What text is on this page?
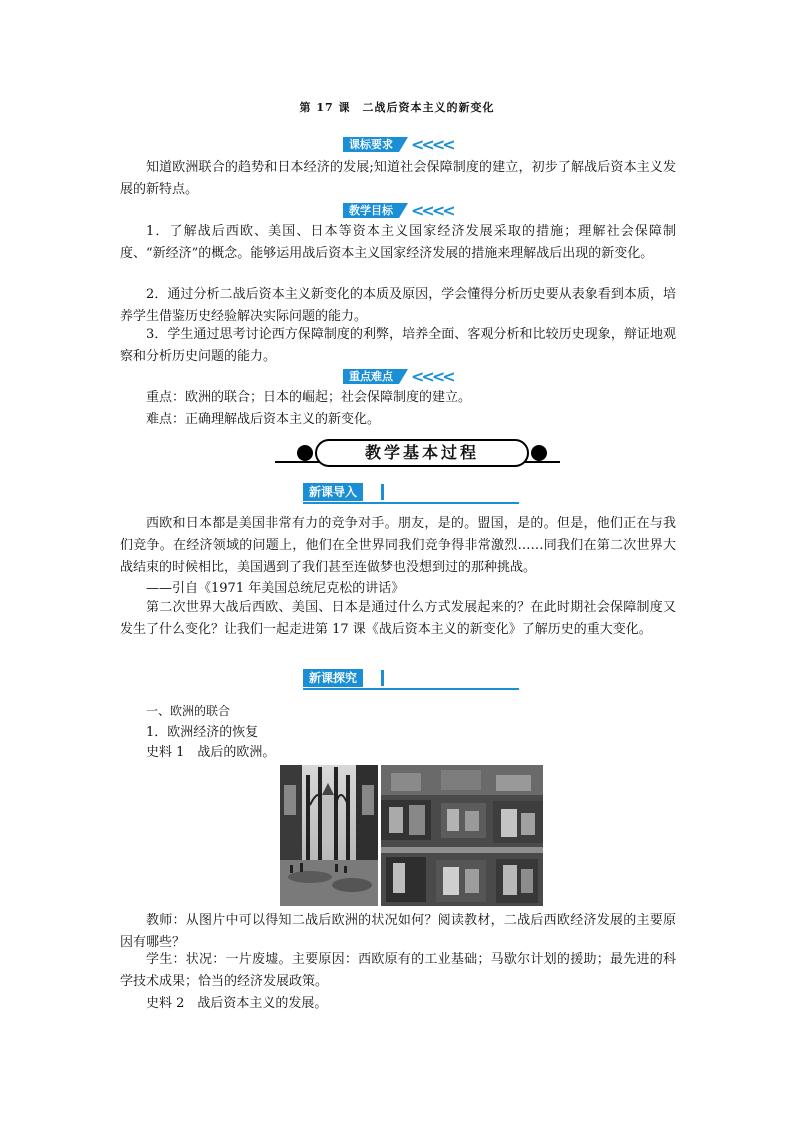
第 17 课　二战后资本主义的新变化
课标要求	<<<<
知道欧洲联合的趋势和日本经济的发展;知道社会保障制度的建立，初步了解战后资本主义发展的新特点。
教学目标	<<<<
1．了解战后西欧、美国、日本等资本主义国家经济发展采取的措施；理解社会保障制度、“新经济”的概念。能够运用战后资本主义国家经济发展的措施来理解战后出现的新变化。
2．通过分析二战后资本主义新变化的本质及原因，学会懂得分析历史要从表象看到本质，培养学生借鉴历史经验解决实际问题的能力。
3．学生通过思考讨论西方保障制度的利弊，培养全面、客观分析和比较历史现象，辩证地观察和分析历史问题的能力。
重点难点	<<<<
重点：欧洲的联合；日本的崛起；社会保障制度的建立。
难点：正确理解战后资本主义的新变化。
教学基本过程
新课导入
西欧和日本都是美国非常有力的竞争对手。朋友，是的。盟国，是的。但是，他们正在与我们竞争。在经济领域的问题上，他们在全世界同我们竞争得非常激烈……同我们在第二次世界大战结束的时候相比，美国遇到了我们甚至连做梦也没想到过的那种挑战。
——引自《1971 年美国总统尼克松的讲话》
第二次世界大战后西欧、美国、日本是通过什么方式发展起来的？在此时期社会保障制度又发生了什么变化？让我们一起走进第 17 课《战后资本主义的新变化》了解历史的重大变化。
新课探究
一、欧洲的联合
1．欧洲经济的恢复
史料 1　战后的欧洲。
教师：从图片中可以得知二战后欧洲的状况如何？阅读教材，二战后西欧经济发展的主要原因有哪些？
学生：状况：一片废墟。主要原因：西欧原有的工业基础；马歇尔计划的援助；最先进的科学技术成果；恰当的经济发展政策。
史料 2　战后资本主义的发展。
